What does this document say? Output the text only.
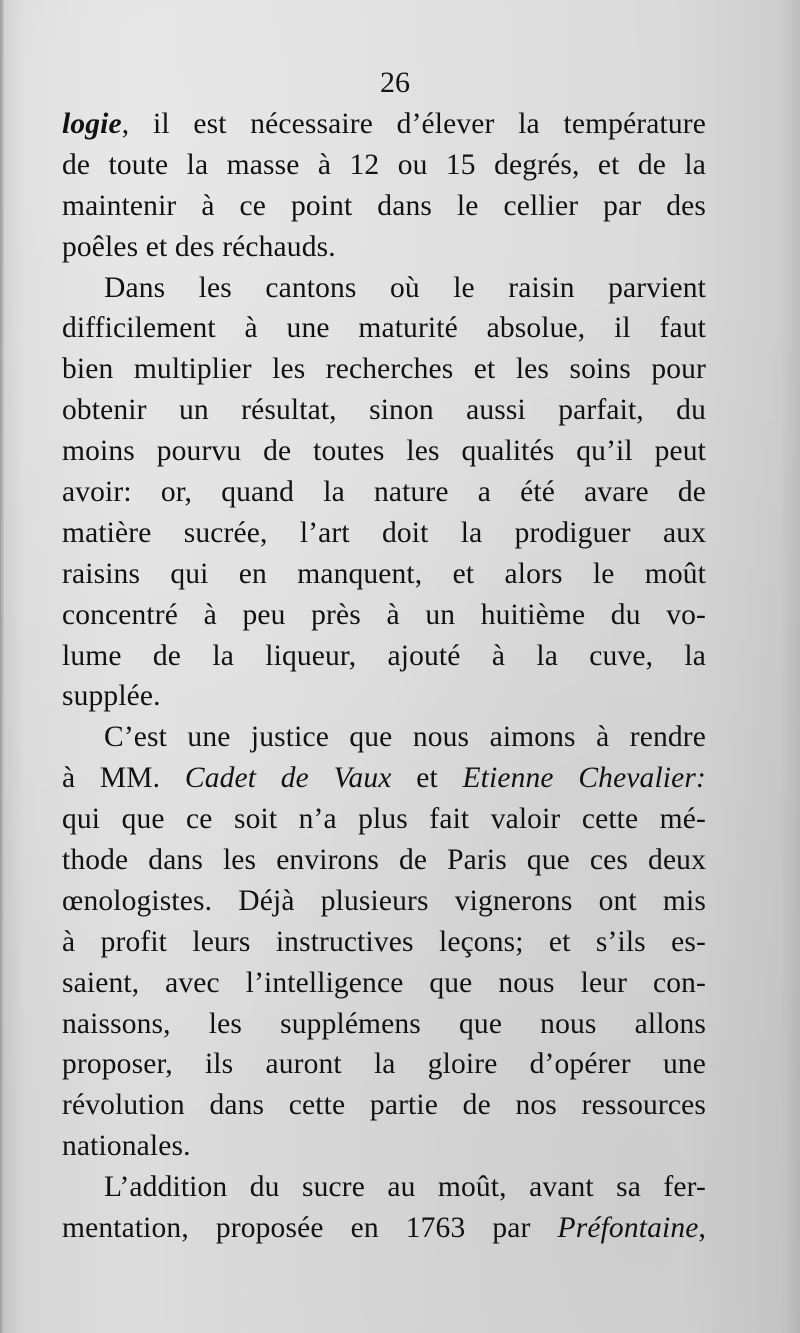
26
logie, il est nécessaire d’élever la température
de toute la masse à 12 ou 15 degrés, et de la
maintenir à ce point dans le cellier par des
poêles et des réchauds.
Dans les cantons où le raisin parvient
difficilement à une maturité absolue, il faut
bien multiplier les recherches et les soins pour
obtenir un résultat, sinon aussi parfait, du
moins pourvu de toutes les qualités qu’il peut
avoir: or, quand la nature a été avare de
matière sucrée, l’art doit la prodiguer aux
raisins qui en manquent, et alors le moût
concentré à peu près à un huitième du vo-
lume de la liqueur, ajouté à la cuve, la
supplée.
C’est une justice que nous aimons à rendre
à MM. Cadet de Vaux et Etienne Chevalier:
qui que ce soit n’a plus fait valoir cette mé-
thode dans les environs de Paris que ces deux
œnologistes. Déjà plusieurs vignerons ont mis
à profit leurs instructives leçons; et s’ils es-
saient, avec l’intelligence que nous leur con-
naissons, les supplémens que nous allons
proposer, ils auront la gloire d’opérer une
révolution dans cette partie de nos ressources
nationales.
L’addition du sucre au moût, avant sa fer-
mentation, proposée en 1763 par Préfontaine,
